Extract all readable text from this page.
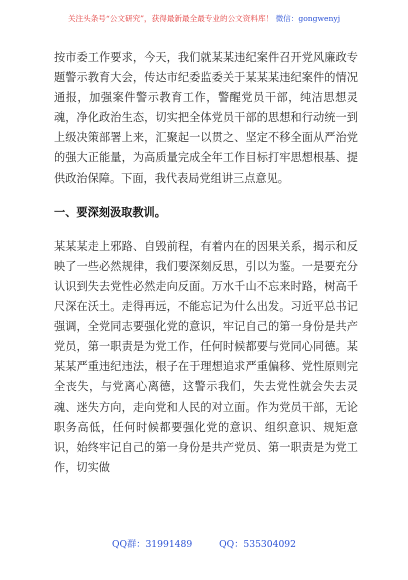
关注头条号“公文研究”，获得最新最全最专业的公文资料库！ 微信：gongwenyj

按市委工作要求，今天，我们就某某违纪案件召开党风廉政专题警示教育大会，传达市纪委监委关于某某某违纪案件的情况通报，加强案件警示教育工作，警醒党员干部，纯洁思想灵魂，净化政治生态，切实把全体党员干部的思想和行动统一到上级决策部署上来，汇聚起一以贯之、坚定不移全面从严治党的强大正能量，为高质量完成全年工作目标打牢思想根基、提供政治保障。下面，我代表局党组讲三点意见。

一、要深刻汲取教训。

某某某走上邪路、自毁前程，有着内在的因果关系，揭示和反映了一些必然规律，我们要深刻反思，引以为鉴。一是要充分认识到失去党性必然走向反面。万水千山不忘来时路，树高千尺深在沃土。走得再远，不能忘记为什么出发。习近平总书记强调，全党同志要强化党的意识，牢记自己的第一身份是共产党员，第一职责是为党工作，任何时候都要与党同心同德。某某某严重违纪违法，根子在于理想追求严重偏移、党性原则完全丧失，与党离心离德，这警示我们，失去党性就会失去灵魂、迷失方向，走向党和人民的对立面。作为党员干部，无论职务高低，任何时候都要强化党的意识、组织意识、规矩意识，始终牢记自己的第一身份是共产党员、第一职责是为党工作，切实做

QQ群：31991489	QQ：535304092
